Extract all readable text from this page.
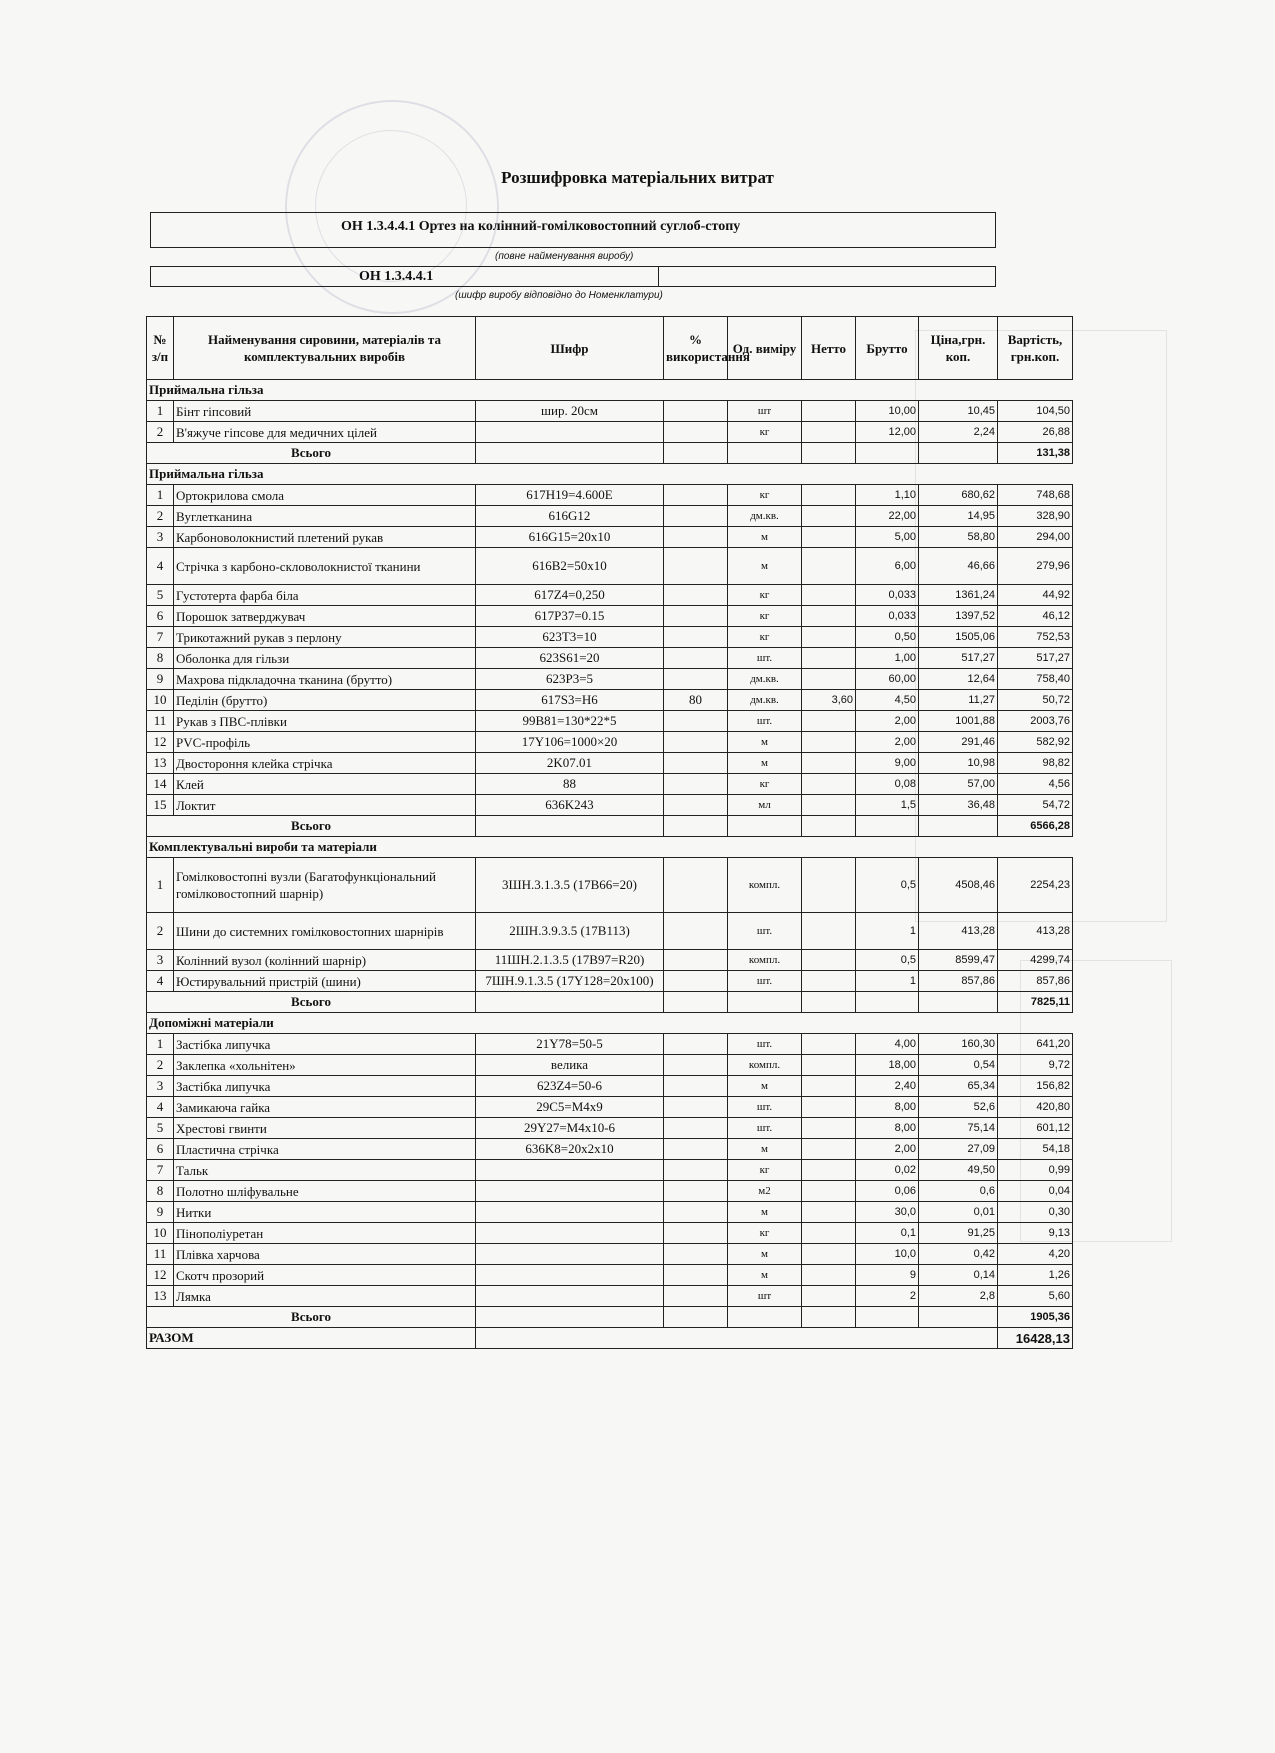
Розшифровка матеріальних витрат
ОН 1.3.4.4.1 Ортез на колінний-гомілковостопний суглоб-стопу
(повне найменування виробу)
ОН 1.3.4.4.1
(шифр виробу відповідно до Номенклатури)
№ з/п	Найменування сировини, матеріалів та комплектувальних виробів	Шифр	% використання	Од. виміру	Нетто	Брутто	Ціна,грн. коп.	Вартість, грн.коп.
Приймальна гільза								
1	Бінт гіпсовий	шир. 20см		шт		10,00	10,45	104,50
2	В'яжуче гіпсове для медичних цілей			кг		12,00	2,24	26,88
Всього								131,38
Приймальна гільза								
1	Ортокрилова смола	617H19=4.600E		кг		1,10	680,62	748,68
2	Вуглетканина	616G12		дм.кв.		22,00	14,95	328,90
3	Карбоноволокнистий плетений рукав	616G15=20x10		м		5,00	58,80	294,00
4	Стрічка з карбоно-скловолокнистої тканини	616B2=50x10		м		6,00	46,66	279,96
5	Густотерта фарба біла	617Z4=0,250		кг		0,033	1361,24	44,92
6	Порошок затверджувач	617P37=0.15		кг		0,033	1397,52	46,12
7	Трикотажний рукав з перлону	623T3=10		кг		0,50	1505,06	752,53
8	Оболонка для гільзи	623S61=20		шт.		1,00	517,27	517,27
9	Махрова підкладочна тканина (брутто)	623P3=5		дм.кв.		60,00	12,64	758,40
10	Педілін (брутто)	617S3=H6	80	дм.кв.	3,60	4,50	11,27	50,72
11	Рукав з ПВС-плівки	99B81=130*22*5		шт.		2,00	1001,88	2003,76
12	PVC-профіль	17Y106=1000×20		м		2,00	291,46	582,92
13	Двостороння клейка стрічка	2K07.01		м		9,00	10,98	98,82
14	Клей	88		кг		0,08	57,00	4,56
15	Локтит	636K243		мл		1,5	36,48	54,72
Всього								6566,28
Комплектувальні вироби та матеріали								
1	Гомілковостопні вузли (Багатофункціональний гомілковостопний шарнір)	3ШН.3.1.3.5 (17B66=20)		компл.		0,5	4508,46	2254,23
2	Шини до системних гомілковостопних шарнірів	2ШН.3.9.3.5 (17B113)		шт.		1	413,28	413,28
3	Колінний вузол (колінний шарнір)	11ШН.2.1.3.5 (17B97=R20)		компл.		0,5	8599,47	4299,74
4	Юстирувальний пристрій (шини)	7ШН.9.1.3.5 (17Y128=20x100)		шт.		1	857,86	857,86
Всього								7825,11
Допоміжні матеріали								
1	Застібка липучка	21Y78=50-5		шт.		4,00	160,30	641,20
2	Заклепка «хольнітен»	велика		компл.		18,00	0,54	9,72
3	Застібка липучка	623Z4=50-6		м		2,40	65,34	156,82
4	Замикаюча гайка	29C5=M4x9		шт.		8,00	52,6	420,80
5	Хрестові гвинти	29Y27=M4x10-6		шт.		8,00	75,14	601,12
6	Пластична стрічка	636K8=20x2x10		м		2,00	27,09	54,18
7	Тальк			кг		0,02	49,50	0,99
8	Полотно шліфувальне			м2		0,06	0,6	0,04
9	Нитки			м		30,0	0,01	0,30
10	Пінополіуретан			кг		0,1	91,25	9,13
11	Плівка харчова			м		10,0	0,42	4,20
12	Скотч прозорий			м		9	0,14	1,26
13	Лямка			шт		2	2,8	5,60
Всього								1905,36
РАЗОМ								16428,13
